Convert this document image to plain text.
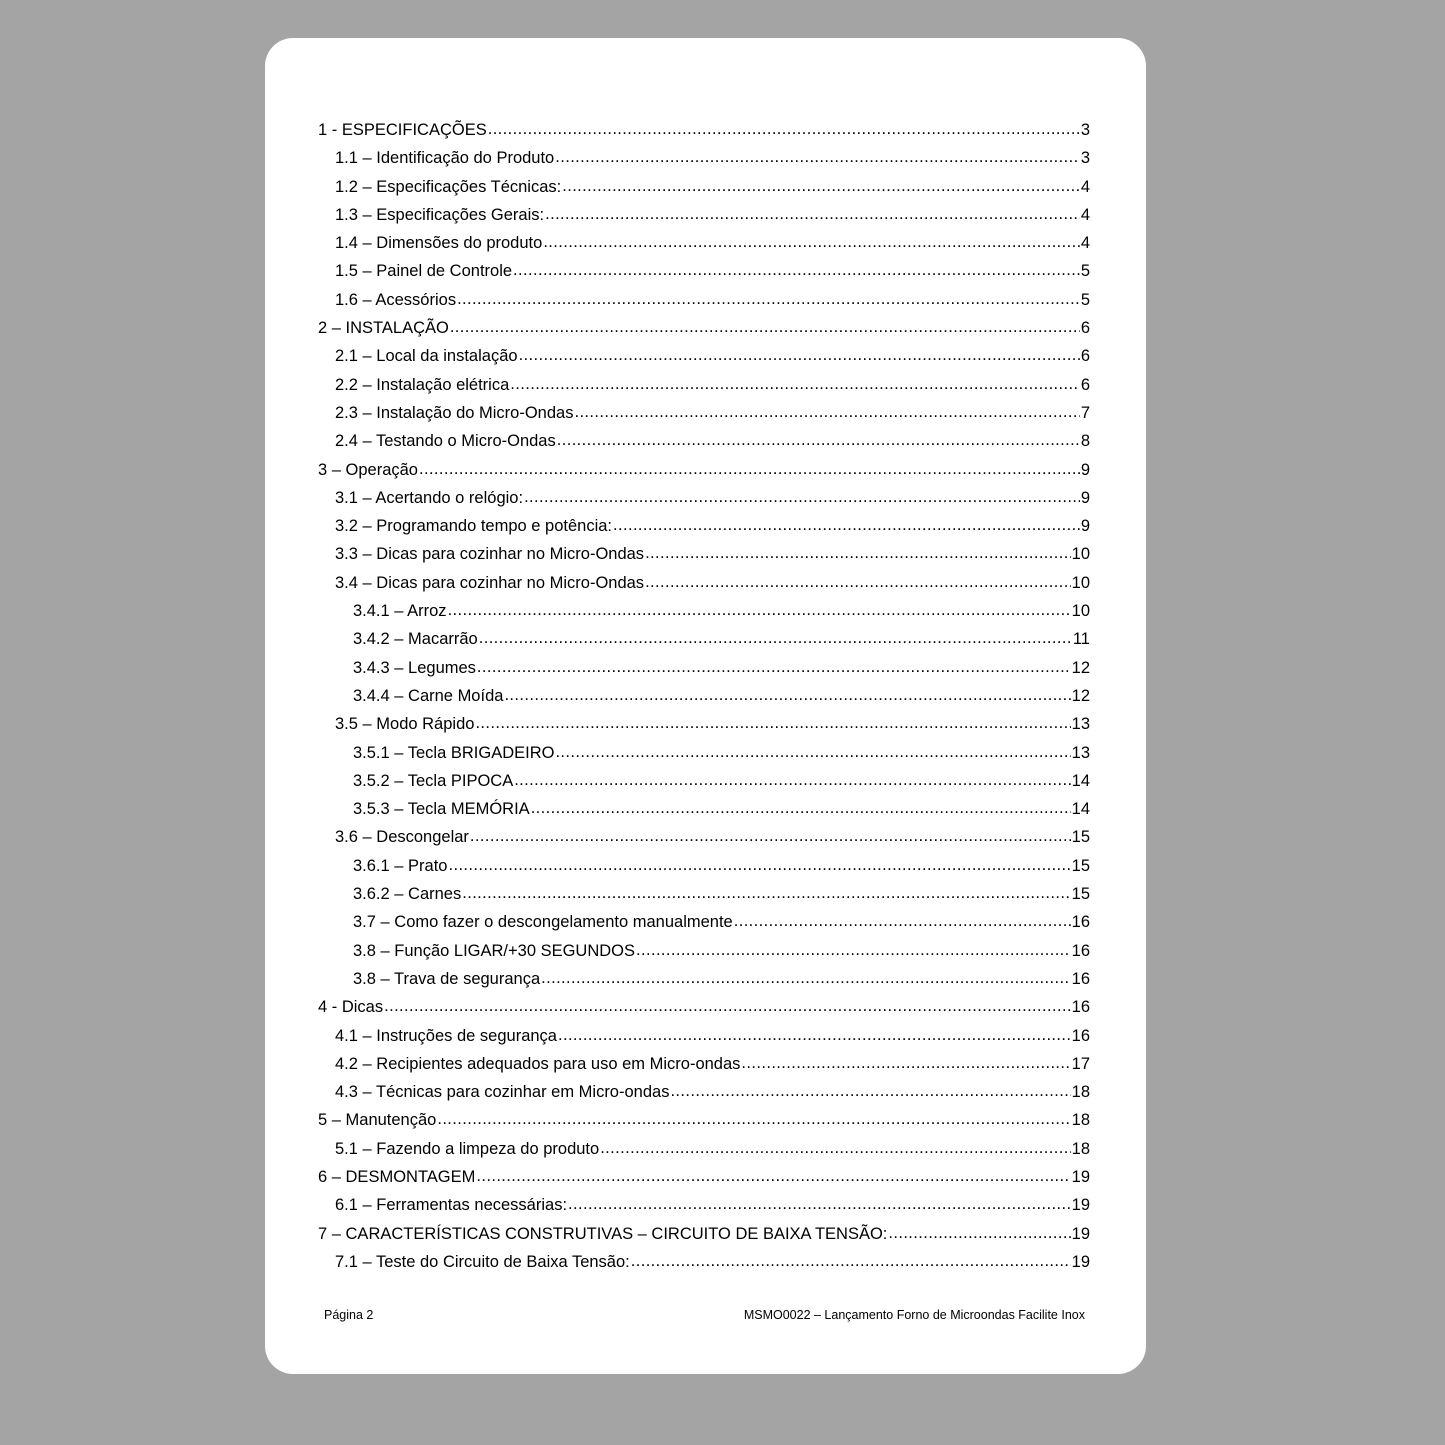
1 - ESPECIFICAÇÕES .....	3
1.1 – Identificação do Produto .....	3
1.2 – Especificações Técnicas: .....	4
1.3 – Especificações Gerais: .....	4
1.4 – Dimensões do produto .....	4
1.5 – Painel de Controle .....	5
1.6 – Acessórios .....	5
2 – INSTALAÇÃO .....	6
2.1 – Local da instalação .....	6
2.2 – Instalação elétrica .....	6
2.3 – Instalação do Micro-Ondas .....	7
2.4 – Testando o Micro-Ondas .....	8
3 – Operação .....	9
3.1 – Acertando o relógio: .....	9
3.2 – Programando tempo e potência: .....	9
3.3 – Dicas para cozinhar no Micro-Ondas .....	10
3.4 – Dicas para cozinhar no Micro-Ondas .....	10
3.4.1 – Arroz .....	10
3.4.2 – Macarrão .....	11
3.4.3 – Legumes .....	12
3.4.4 – Carne Moída .....	12
3.5 – Modo Rápido .....	13
3.5.1 – Tecla BRIGADEIRO .....	13
3.5.2 – Tecla PIPOCA .....	14
3.5.3 – Tecla MEMÓRIA .....	14
3.6 – Descongelar .....	15
3.6.1 – Prato .....	15
3.6.2 – Carnes .....	15
3.7 – Como fazer o descongelamento manualmente .....	16
3.8 – Função LIGAR/+30 SEGUNDOS .....	16
3.8 – Trava de segurança .....	16
4 - Dicas .....	16
4.1 – Instruções de segurança .....	16
4.2 – Recipientes adequados para uso em Micro-ondas .....	17
4.3 – Técnicas para cozinhar em Micro-ondas .....	18
5 – Manutenção .....	18
5.1 – Fazendo a limpeza do produto .....	18
6 – DESMONTAGEM .....	19
6.1 – Ferramentas necessárias: .....	19
7 – CARACTERÍSTICAS CONSTRUTIVAS – CIRCUITO DE BAIXA TENSÃO: .....	19
7.1 – Teste do Circuito de Baixa Tensão: .....	19
Página 2	MSMO0022 – Lançamento Forno de Microondas Facilite Inox
